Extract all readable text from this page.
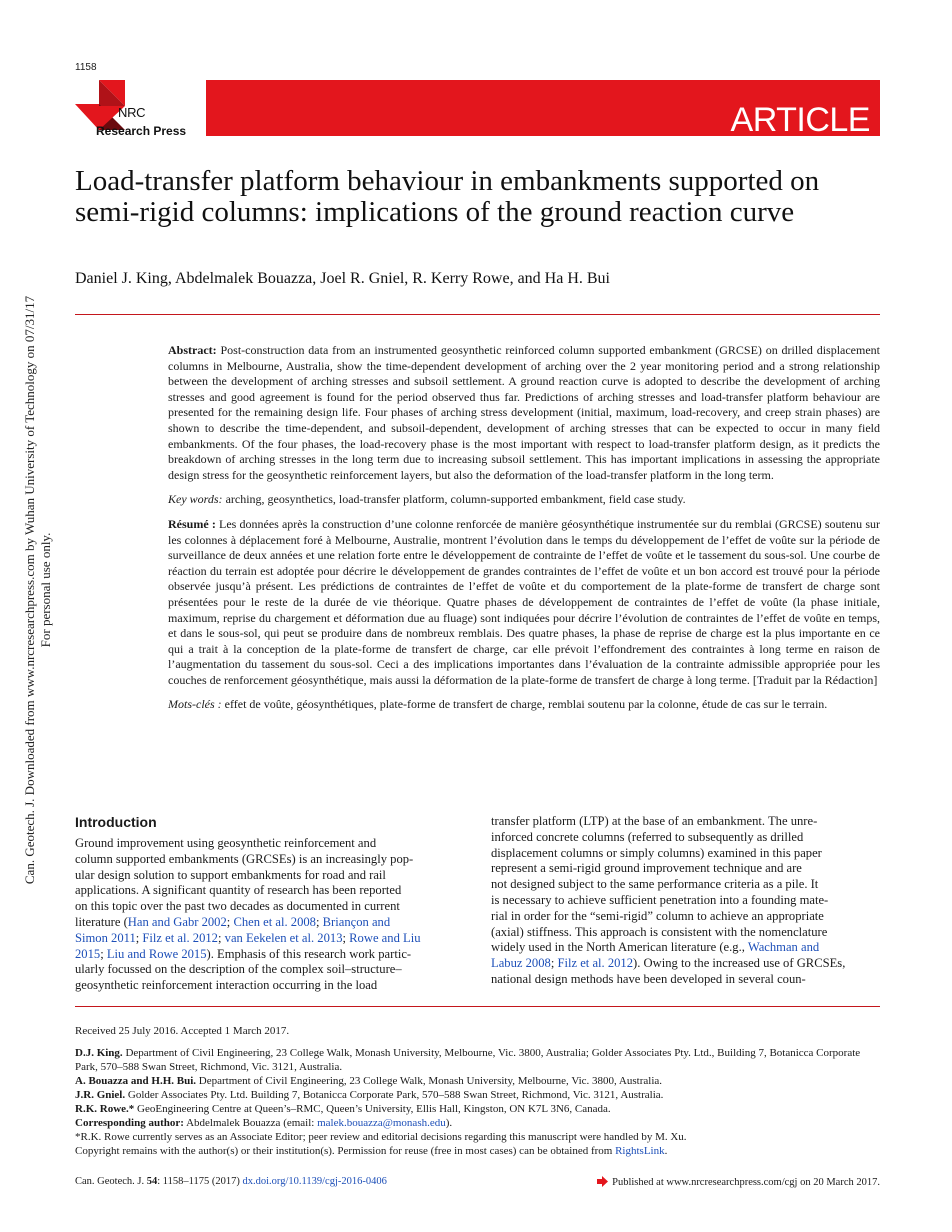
1158
NRC
Research Press	ARTICLE
Can. Geotech. J. Downloaded from www.nrcresearchpress.com by Wuhan University of Technology on 07/31/17 For personal use only.
Load-transfer platform behaviour in embankments supported on semi-rigid columns: implications of the ground reaction curve
Daniel J. King, Abdelmalek Bouazza, Joel R. Gniel, R. Kerry Rowe, and Ha H. Bui

Abstract: Post-construction data from an instrumented geosynthetic reinforced column supported embankment (GRCSE) on drilled displacement columns in Melbourne, Australia, show the time-dependent development of arching over the 2 year monitoring period and a strong relationship between the development of arching stresses and subsoil settlement. A ground reaction curve is adopted to describe the development of arching stresses and good agreement is found for the period observed thus far. Predictions of arching stresses and load-transfer platform behaviour are presented for the remaining design life. Four phases of arching stress development (initial, maximum, load-recovery, and creep strain phases) are shown to describe the time-dependent, and subsoil-dependent, development of arching stresses that can be expected to occur in many field embankments. Of the four phases, the load-recovery phase is the most important with respect to load-transfer platform design, as it predicts the breakdown of arching stresses in the long term due to increasing subsoil settlement. This has important implications in assessing the appropriate design stress for the geosynthetic reinforcement layers, but also the deformation of the load-transfer platform in the long term.

Key words: arching, geosynthetics, load-transfer platform, column-supported embankment, field case study.

Résumé : Les données après la construction d’une colonne renforcée de manière géosynthétique instrumentée sur du remblai (GRCSE) soutenu sur les colonnes à déplacement foré à Melbourne, Australie, montrent l’évolution dans le temps du développement de l’effet de voûte sur la période de surveillance de deux années et une relation forte entre le développement de contrainte de l’effet de voûte et le tassement du sous-sol. Une courbe de réaction du terrain est adoptée pour décrire le développement de grandes contraintes de l’effet de voûte et un bon accord est trouvé pour la période observée jusqu’à présent. Les prédictions de contraintes de l’effet de voûte et du comportement de la plate-forme de transfert de charge sont présentées pour le reste de la durée de vie théorique. Quatre phases de développement de contraintes de l’effet de voûte (la phase initiale, maximum, reprise du chargement et déformation due au fluage) sont indiquées pour décrire l’évolution de contraintes de l’effet de voûte en temps, et dans le sous-sol, qui peut se produire dans de nombreux remblais. Des quatre phases, la phase de reprise de charge est la plus importante en ce qui a trait à la conception de la plate-forme de transfert de charge, car elle prévoit l’effondrement des contraintes à long terme en raison de l’augmentation du tassement du sous-sol. Ceci a des implications importantes dans l’évaluation de la contrainte admissible appropriée pour les couches de renforcement géosynthétique, mais aussi la déformation de la plate-forme de transfert de charge à long terme. [Traduit par la Rédaction]

Mots-clés : effet de voûte, géosynthétiques, plate-forme de transfert de charge, remblai soutenu par la colonne, étude de cas sur le terrain.

Introduction
Ground improvement using geosynthetic reinforcement and
column supported embankments (GRCSEs) is an increasingly pop-
ular design solution to support embankments for road and rail
applications. A significant quantity of research has been reported
on this topic over the past two decades as documented in current
literature (Han and Gabr 2002; Chen et al. 2008; Briançon and
Simon 2011; Filz et al. 2012; van Eekelen et al. 2013; Rowe and Liu
2015; Liu and Rowe 2015). Emphasis of this research work partic-
ularly focussed on the description of the complex soil–structure–
geosynthetic reinforcement interaction occurring in the load
transfer platform (LTP) at the base of an embankment. The unre-
inforced concrete columns (referred to subsequently as drilled
displacement columns or simply columns) examined in this paper
represent a semi-rigid ground improvement technique and are
not designed subject to the same performance criteria as a pile. It
is necessary to achieve sufficient penetration into a founding mate-
rial in order for the “semi-rigid” column to achieve an appropriate
(axial) stiffness. This approach is consistent with the nomenclature
widely used in the North American literature (e.g., Wachman and
Labuz 2008; Filz et al. 2012). Owing to the increased use of GRCSEs,
national design methods have been developed in several coun-

Received 25 July 2016. Accepted 1 March 2017.

D.J. King. Department of Civil Engineering, 23 College Walk, Monash University, Melbourne, Vic. 3800, Australia; Golder Associates Pty. Ltd., Building 7, Botanicca Corporate Park, 570–588 Swan Street, Richmond, Vic. 3121, Australia.

A. Bouazza and H.H. Bui. Department of Civil Engineering, 23 College Walk, Monash University, Melbourne, Vic. 3800, Australia.

J.R. Gniel. Golder Associates Pty. Ltd. Building 7, Botanicca Corporate Park, 570–588 Swan Street, Richmond, Vic. 3121, Australia.

R.K. Rowe.* GeoEngineering Centre at Queen’s–RMC, Queen’s University, Ellis Hall, Kingston, ON K7L 3N6, Canada.

Corresponding author: Abdelmalek Bouazza (email: malek.bouazza@monash.edu).

*R.K. Rowe currently serves as an Associate Editor; peer review and editorial decisions regarding this manuscript were handled by M. Xu.

Copyright remains with the author(s) or their institution(s). Permission for reuse (free in most cases) can be obtained from RightsLink.

Can. Geotech. J. 54: 1158–1175 (2017) dx.doi.org/10.1139/cgj-2016-0406	Published at www.nrcresearchpress.com/cgj on 20 March 2017.
